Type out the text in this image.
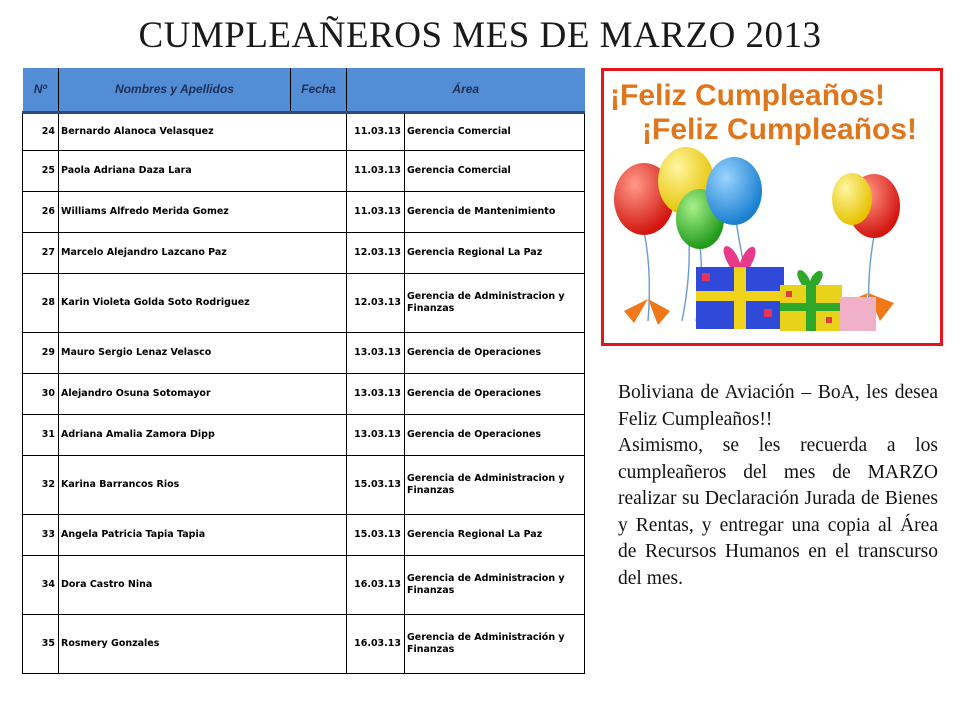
CUMPLEAÑEROS MES DE MARZO 2013
Nº	Nombres y Apellidos	Fecha	Área	
24	Bernardo Alanoca Velasquez		11.03.13	Gerencia Comercial
25	Paola Adriana Daza Lara		11.03.13	Gerencia Comercial
26	Williams Alfredo Merida Gomez		11.03.13	Gerencia de Mantenimiento
27	Marcelo Alejandro Lazcano Paz		12.03.13	Gerencia Regional La Paz
28	Karin Violeta Golda Soto Rodriguez		12.03.13	Gerencia de Administracion y Finanzas
29	Mauro Sergio Lenaz Velasco		13.03.13	Gerencia de Operaciones
30	Alejandro Osuna Sotomayor		13.03.13	Gerencia de Operaciones
31	Adriana Amalia Zamora Dipp		13.03.13	Gerencia de Operaciones
32	Karina Barrancos Rios		15.03.13	Gerencia de Administracion y Finanzas
33	Angela Patricia Tapia Tapia		15.03.13	Gerencia Regional La Paz
34	Dora Castro Nina		16.03.13	Gerencia de Administracion y Finanzas
35	Rosmery Gonzales		16.03.13	Gerencia de Administración y Finanzas
¡Feliz Cumpleaños!
¡Feliz Cumpleaños!

Boliviana de Aviación – BoA, les desea Feliz Cumpleaños!!

Asimismo, se les recuerda a los cumpleañeros del mes de MARZO realizar su Declaración Jurada de Bienes y Rentas, y entregar una copia al Área de Recursos Humanos en el transcurso del mes.
